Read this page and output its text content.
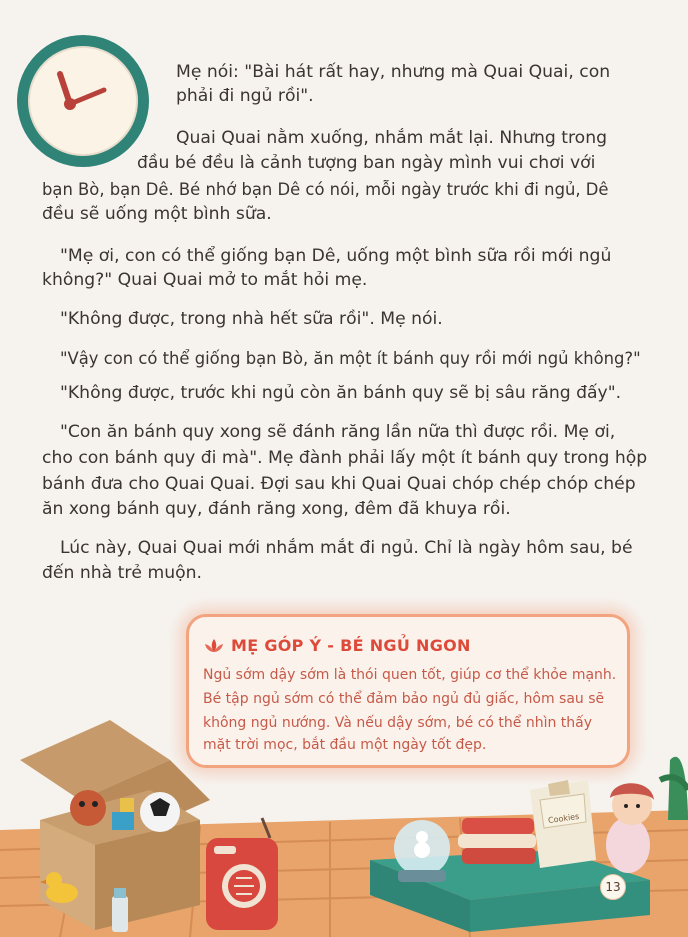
Mẹ nói: "Bài hát rất hay, nhưng mà Quai Quai, con
phải đi ngủ rồi".
Quai Quai nằm xuống, nhắm mắt lại. Nhưng trong
đầu bé đều là cảnh tượng ban ngày mình vui chơi với
bạn Bò, bạn Dê. Bé nhớ bạn Dê có nói, mỗi ngày trước khi đi ngủ, Dê
đều sẽ uống một bình sữa.
"Mẹ ơi, con có thể giống bạn Dê, uống một bình sữa rồi mới ngủ
không?" Quai Quai mở to mắt hỏi mẹ.
"Không được, trong nhà hết sữa rồi". Mẹ nói.
"Vậy con có thể giống bạn Bò, ăn một ít bánh quy rồi mới ngủ không?"
"Không được, trước khi ngủ còn ăn bánh quy sẽ bị sâu răng đấy".
"Con ăn bánh quy xong sẽ đánh răng lần nữa thì được rồi. Mẹ ơi,
cho con bánh quy đi mà". Mẹ đành phải lấy một ít bánh quy trong hộp
bánh đưa cho Quai Quai. Đợi sau khi Quai Quai chóp chép chóp chép
ăn xong bánh quy, đánh răng xong, đêm đã khuya rồi.
Lúc này, Quai Quai mới nhắm mắt đi ngủ. Chỉ là ngày hôm sau, bé
đến nhà trẻ muộn.
MẸ GÓP Ý - BÉ NGỦ NGON
Ngủ sớm dậy sớm là thói quen tốt, giúp cơ thể khỏe mạnh.
Bé tập ngủ sớm có thể đảm bảo ngủ đủ giấc, hôm sau sẽ
không ngủ nướng. Và nếu dậy sớm, bé có thể nhìn thấy
mặt trời mọc, bắt đầu một ngày tốt đẹp.
Cookies
13
